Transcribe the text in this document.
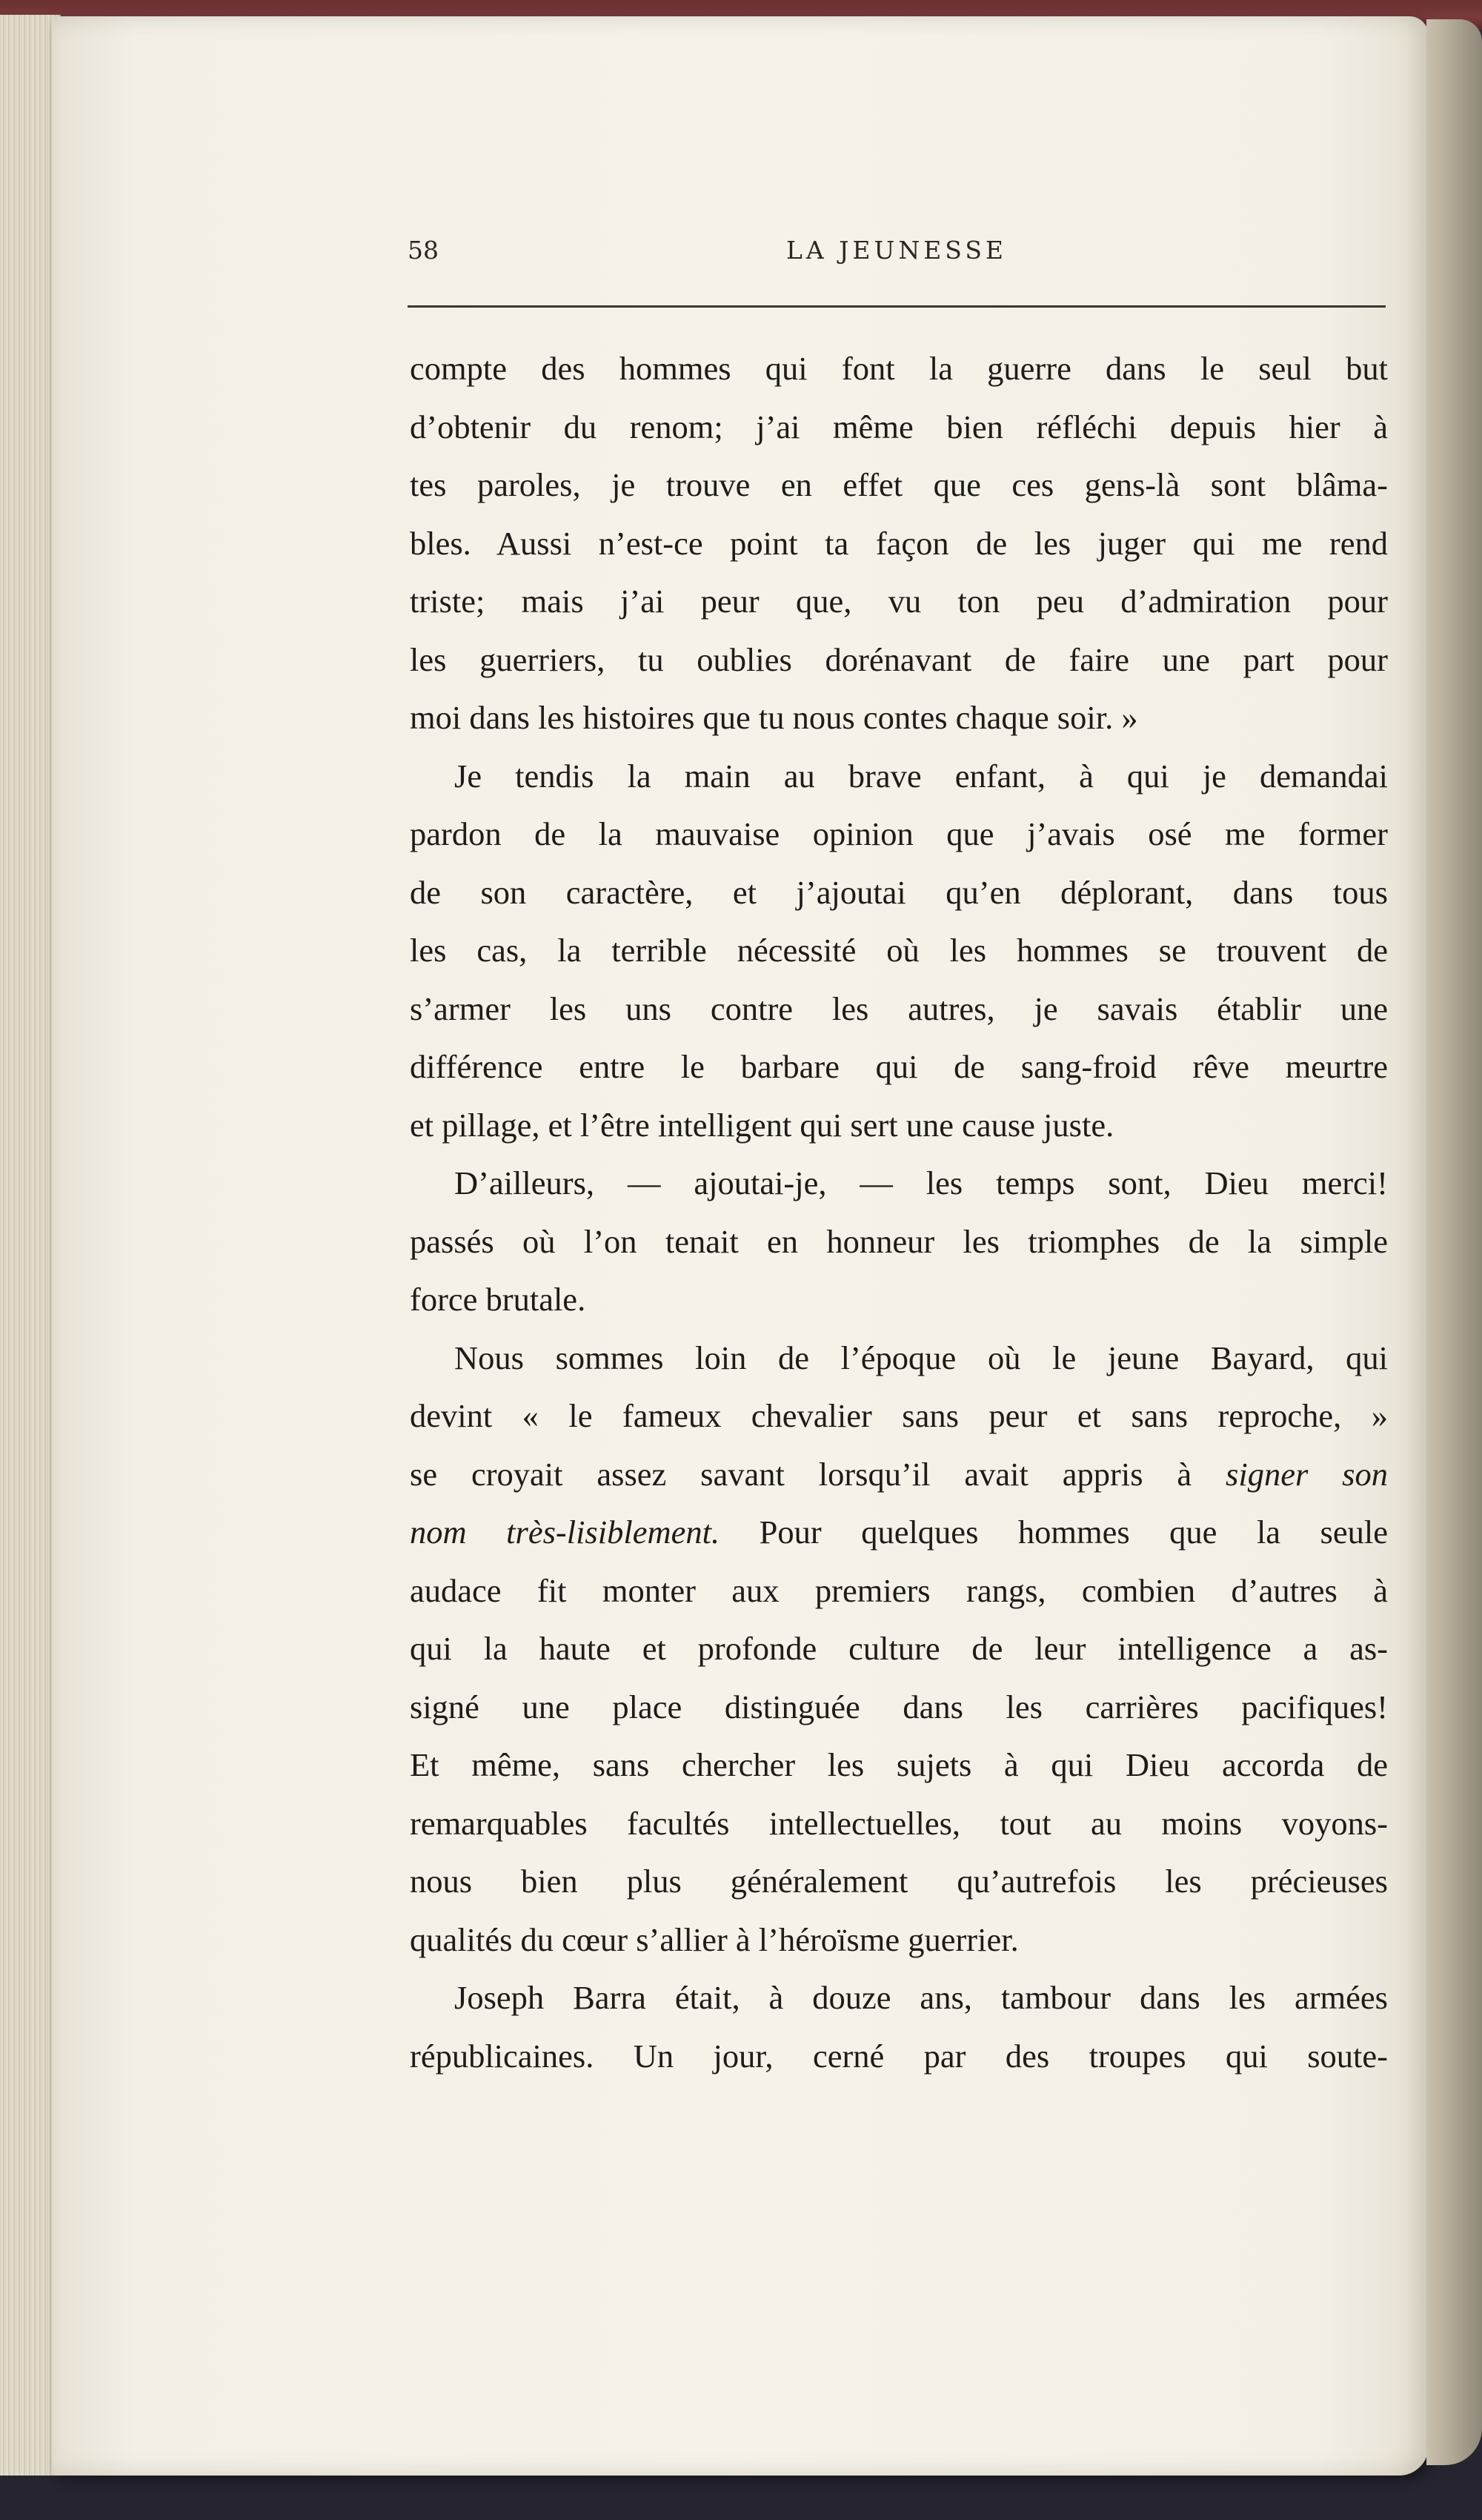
58	LA JEUNESSE
compte des hommes qui font la guerre dans le seul but
d’obtenir du renom; j’ai même bien réfléchi depuis hier à
tes paroles, je trouve en effet que ces gens-là sont blâma-
bles. Aussi n’est-ce point ta façon de les juger qui me rend
triste; mais j’ai peur que, vu ton peu d’admiration pour
les guerriers, tu oublies dorénavant de faire une part pour
moi dans les histoires que tu nous contes chaque soir. »
Je tendis la main au brave enfant, à qui je demandai
pardon de la mauvaise opinion que j’avais osé me former
de son caractère, et j’ajoutai qu’en déplorant, dans tous
les cas, la terrible nécessité où les hommes se trouvent de
s’armer les uns contre les autres, je savais établir une
différence entre le barbare qui de sang-froid rêve meurtre
et pillage, et l’être intelligent qui sert une cause juste.
D’ailleurs, — ajoutai-je, — les temps sont, Dieu merci!
passés où l’on tenait en honneur les triomphes de la simple
force brutale.
Nous sommes loin de l’époque où le jeune Bayard, qui
devint « le fameux chevalier sans peur et sans reproche, »
se croyait assez savant lorsqu’il avait appris à signer son
nom très-lisiblement. Pour quelques hommes que la seule
audace fit monter aux premiers rangs, combien d’autres à
qui la haute et profonde culture de leur intelligence a as-
signé une place distinguée dans les carrières pacifiques!
Et même, sans chercher les sujets à qui Dieu accorda de
remarquables facultés intellectuelles, tout au moins voyons-
nous bien plus généralement qu’autrefois les précieuses
qualités du cœur s’allier à l’héroïsme guerrier.
Joseph Barra était, à douze ans, tambour dans les armées
républicaines. Un jour, cerné par des troupes qui soute-
